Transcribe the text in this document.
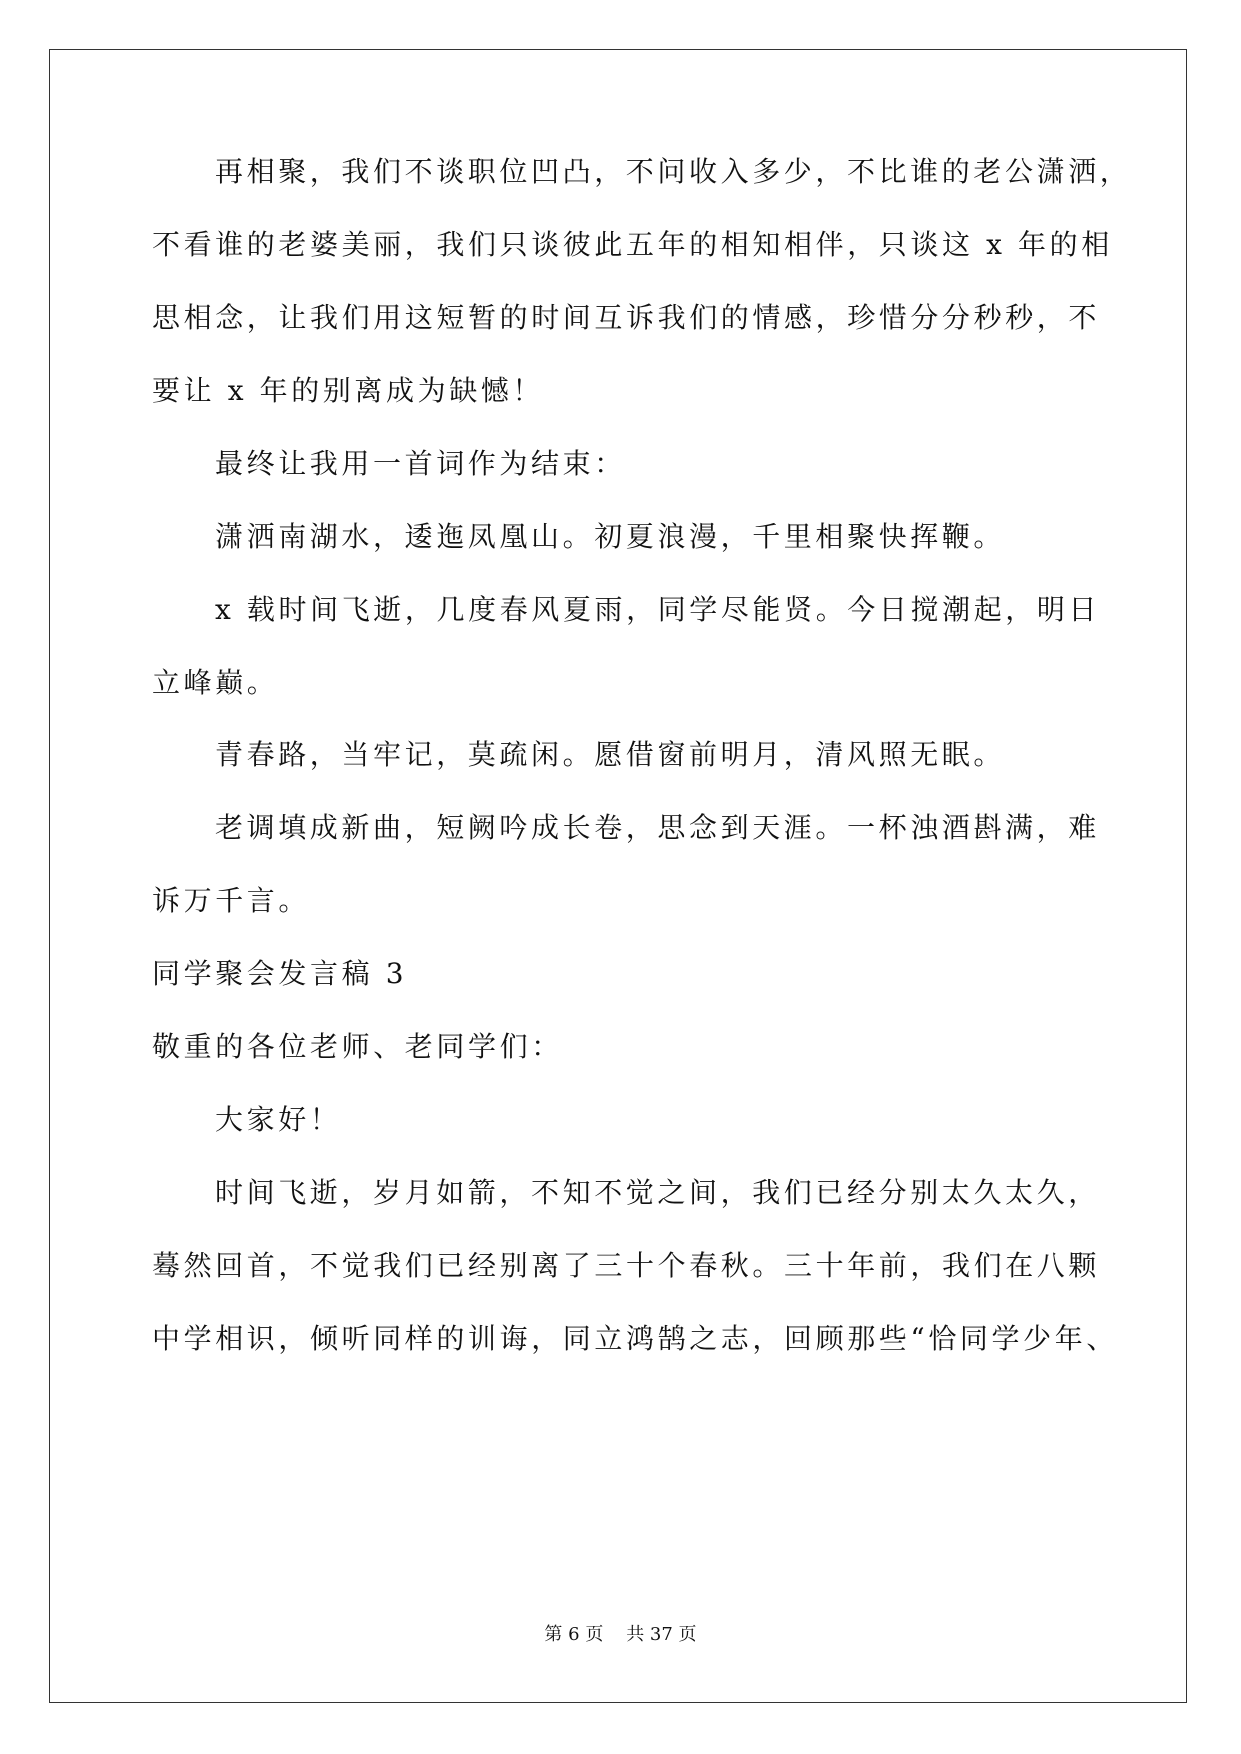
再相聚，我们不谈职位凹凸，不问收入多少，不比谁的老公潇洒，
不看谁的老婆美丽，我们只谈彼此五年的相知相伴，只谈这 x 年的相
思相念，让我们用这短暂的时间互诉我们的情感，珍惜分分秒秒，不
要让 x 年的别离成为缺憾！
最终让我用一首词作为结束：
潇洒南湖水，逶迤凤凰山。初夏浪漫，千里相聚快挥鞭。
x 载时间飞逝，几度春风夏雨，同学尽能贤。今日搅潮起，明日
立峰巅。
青春路，当牢记，莫疏闲。愿借窗前明月，清风照无眠。
老调填成新曲，短阙吟成长卷，思念到天涯。一杯浊酒斟满，难
诉万千言。
同学聚会发言稿 3
敬重的各位老师、老同学们：
大家好！
时间飞逝，岁月如箭，不知不觉之间，我们已经分别太久太久，
蓦然回首，不觉我们已经别离了三十个春秋。三十年前，我们在八颗
中学相识，倾听同样的训诲，同立鸿鹄之志，回顾那些“恰同学少年、
第 6 页    共 37 页
